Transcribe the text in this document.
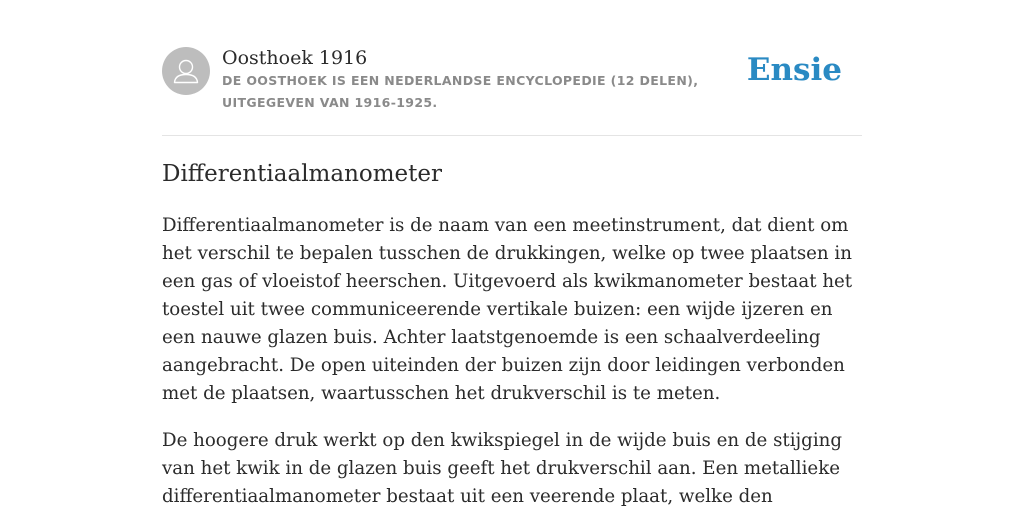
Oosthoek 1916

DE OOSTHOEK IS EEN NEDERLANDSE ENCYCLOPEDIE (12 DELEN), UITGEGEVEN VAN 1916-1925.

Ensie
Differentiaalmanometer

Differentiaalmanometer is de naam van een meetinstrument, dat dient om het verschil te bepalen tusschen de drukkingen, welke op twee plaatsen in een gas of vloeistof heerschen. Uitgevoerd als kwikmanometer bestaat het toestel uit twee communiceerende vertikale buizen: een wijde ijzeren en een nauwe glazen buis. Achter laatstgenoemde is een schaalverdeeling aangebracht. De open uiteinden der buizen zijn door leidingen verbonden met de plaatsen, waartusschen het drukverschil is te meten.

De hoogere druk werkt op den kwikspiegel in de wijde buis en de stijging van het kwik in de glazen buis geeft het drukverschil aan. Een metallieke differentiaalmanometer bestaat uit een veerende plaat, welke den
